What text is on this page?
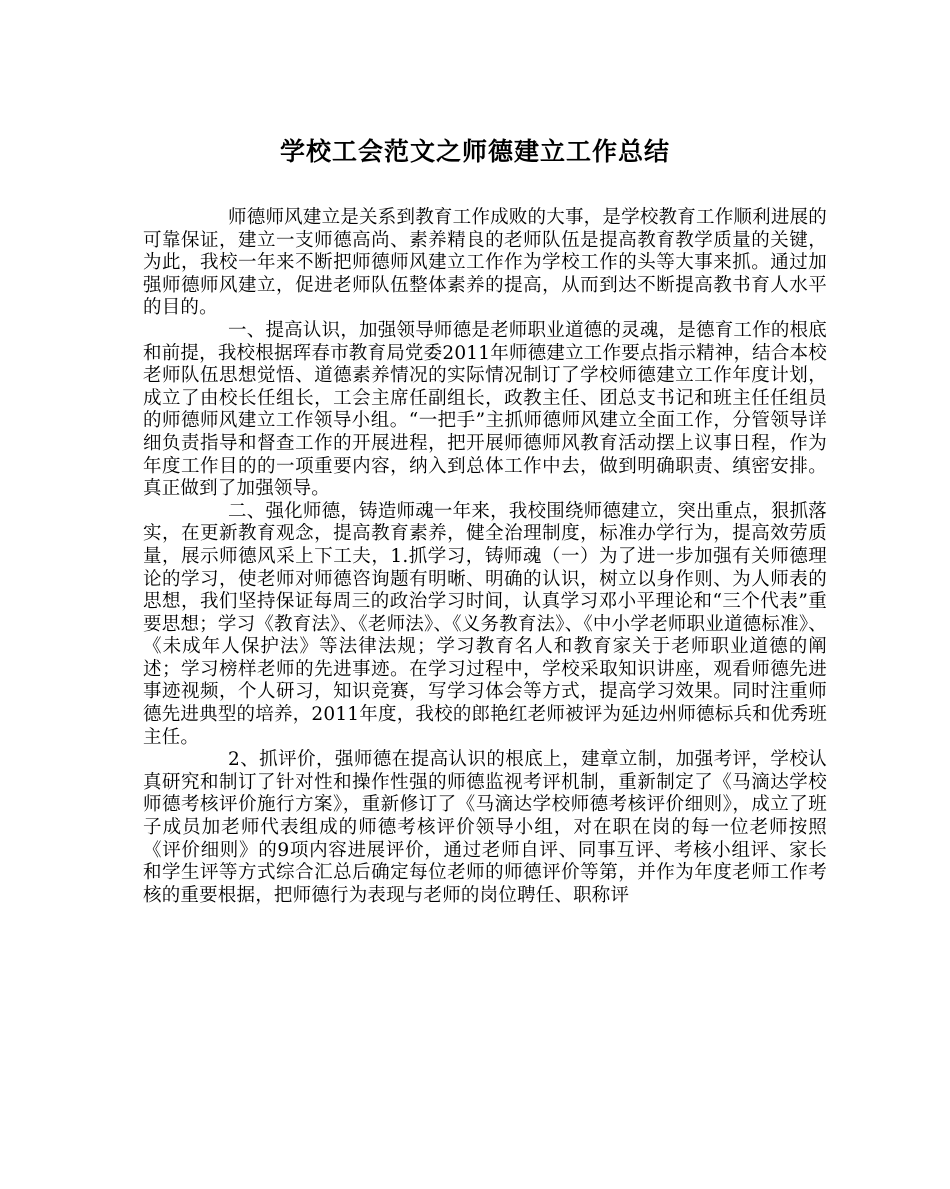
学校工会范文之师德建立工作总结

师德师风建立是关系到教育工作成败的大事，是学校教育工作顺利进展的可靠保证，建立一支师德高尚、素养精良的老师队伍是提高教育教学质量的关键，为此，我校一年来不断把师德师风建立工作作为学校工作的头等大事来抓。通过加强师德师风建立，促进老师队伍整体素养的提高，从而到达不断提高教书育人水平的目的。

一、提高认识，加强领导师德是老师职业道德的灵魂，是德育工作的根底和前提，我校根据珲春市教育局党委2011年师德建立工作要点指示精神，结合本校老师队伍思想觉悟、道德素养情况的实际情况制订了学校师德建立工作年度计划，成立了由校长任组长，工会主席任副组长，政教主任、团总支书记和班主任任组员的师德师风建立工作领导小组。“一把手”主抓师德师风建立全面工作，分管领导详细负责指导和督查工作的开展进程，把开展师德师风教育活动摆上议事日程，作为年度工作目的的一项重要内容，纳入到总体工作中去，做到明确职责、缜密安排。真正做到了加强领导。

二、强化师德，铸造师魂一年来，我校围绕师德建立，突出重点，狠抓落实，在更新教育观念，提高教育素养，健全治理制度，标准办学行为，提高效劳质量，展示师德风采上下工夫，1.抓学习，铸师魂（一）为了进一步加强有关师德理论的学习，使老师对师德咨询题有明晰、明确的认识，树立以身作则、为人师表的思想，我们坚持保证每周三的政治学习时间，认真学习邓小平理论和“三个代表”重要思想；学习《教育法》、《老师法》、《义务教育法》、《中小学老师职业道德标准》、《未成年人保护法》等法律法规；学习教育名人和教育家关于老师职业道德的阐述；学习榜样老师的先进事迹。在学习过程中，学校采取知识讲座，观看师德先进事迹视频，个人研习，知识竞赛，写学习体会等方式，提高学习效果。同时注重师德先进典型的培养，2011年度，我校的郎艳红老师被评为延边州师德标兵和优秀班主任。

2、抓评价，强师德在提高认识的根底上，建章立制，加强考评，学校认真研究和制订了针对性和操作性强的师德监视考评机制，重新制定了《马滴达学校师德考核评价施行方案》，重新修订了《马滴达学校师德考核评价细则》，成立了班子成员加老师代表组成的师德考核评价领导小组，对在职在岗的每一位老师按照《评价细则》的9项内容进展评价，通过老师自评、同事互评、考核小组评、家长和学生评等方式综合汇总后确定每位老师的师德评价等第，并作为年度老师工作考核的重要根据，把师德行为表现与老师的岗位聘任、职称评
